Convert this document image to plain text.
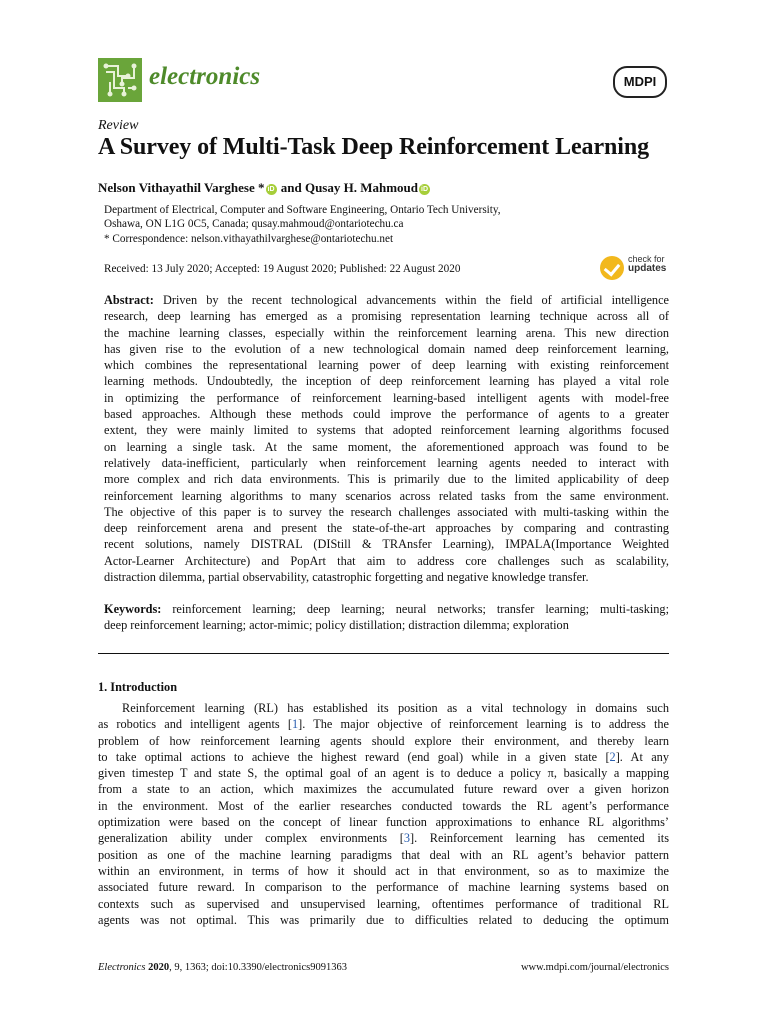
electronics	MDPI
Review
A Survey of Multi-Task Deep Reinforcement Learning
Nelson Vithayathil Varghese * iD and Qusay H. Mahmoud iD
Department of Electrical, Computer and Software Engineering, Ontario Tech University,
Oshawa, ON L1G 0C5, Canada; qusay.mahmoud@ontariotechu.ca
* Correspondence: nelson.vithayathilvarghese@ontariotechu.net
Received: 13 July 2020; Accepted: 19 August 2020; Published: 22 August 2020
check for
updates
Abstract: Driven by the recent technological advancements within the field of artificial intelligence
research, deep learning has emerged as a promising representation learning technique across all of
the machine learning classes, especially within the reinforcement learning arena. This new direction
has given rise to the evolution of a new technological domain named deep reinforcement learning,
which combines the representational learning power of deep learning with existing reinforcement
learning methods. Undoubtedly, the inception of deep reinforcement learning has played a vital role
in optimizing the performance of reinforcement learning-based intelligent agents with model-free
based approaches. Although these methods could improve the performance of agents to a greater
extent, they were mainly limited to systems that adopted reinforcement learning algorithms focused
on learning a single task. At the same moment, the aforementioned approach was found to be
relatively data-inefficient, particularly when reinforcement learning agents needed to interact with
more complex and rich data environments. This is primarily due to the limited applicability of deep
reinforcement learning algorithms to many scenarios across related tasks from the same environment.
The objective of this paper is to survey the research challenges associated with multi-tasking within the
deep reinforcement arena and present the state-of-the-art approaches by comparing and contrasting
recent solutions, namely DISTRAL (DIStill & TRAnsfer Learning), IMPALA(Importance Weighted
Actor-Learner Architecture) and PopArt that aim to address core challenges such as scalability,
distraction dilemma, partial observability, catastrophic forgetting and negative knowledge transfer.
Keywords: reinforcement learning; deep learning; neural networks; transfer learning; multi-tasking;
deep reinforcement learning; actor-mimic; policy distillation; distraction dilemma; exploration
1. Introduction
Reinforcement learning (RL) has established its position as a vital technology in domains such
as robotics and intelligent agents [1]. The major objective of reinforcement learning is to address the
problem of how reinforcement learning agents should explore their environment, and thereby learn
to take optimal actions to achieve the highest reward (end goal) while in a given state [2]. At any
given timestep T and state S, the optimal goal of an agent is to deduce a policy π, basically a mapping
from a state to an action, which maximizes the accumulated future reward over a given horizon
in the environment. Most of the earlier researches conducted towards the RL agent’s performance
optimization were based on the concept of linear function approximations to enhance RL algorithms’
generalization ability under complex environments [3]. Reinforcement learning has cemented its
position as one of the machine learning paradigms that deal with an RL agent’s behavior pattern
within an environment, in terms of how it should act in that environment, so as to maximize the
associated future reward. In comparison to the performance of machine learning systems based on
contexts such as supervised and unsupervised learning, oftentimes performance of traditional RL
agents was not optimal. This was primarily due to difficulties related to deducing the optimum
Electronics 2020, 9, 1363; doi:10.3390/electronics9091363	www.mdpi.com/journal/electronics
